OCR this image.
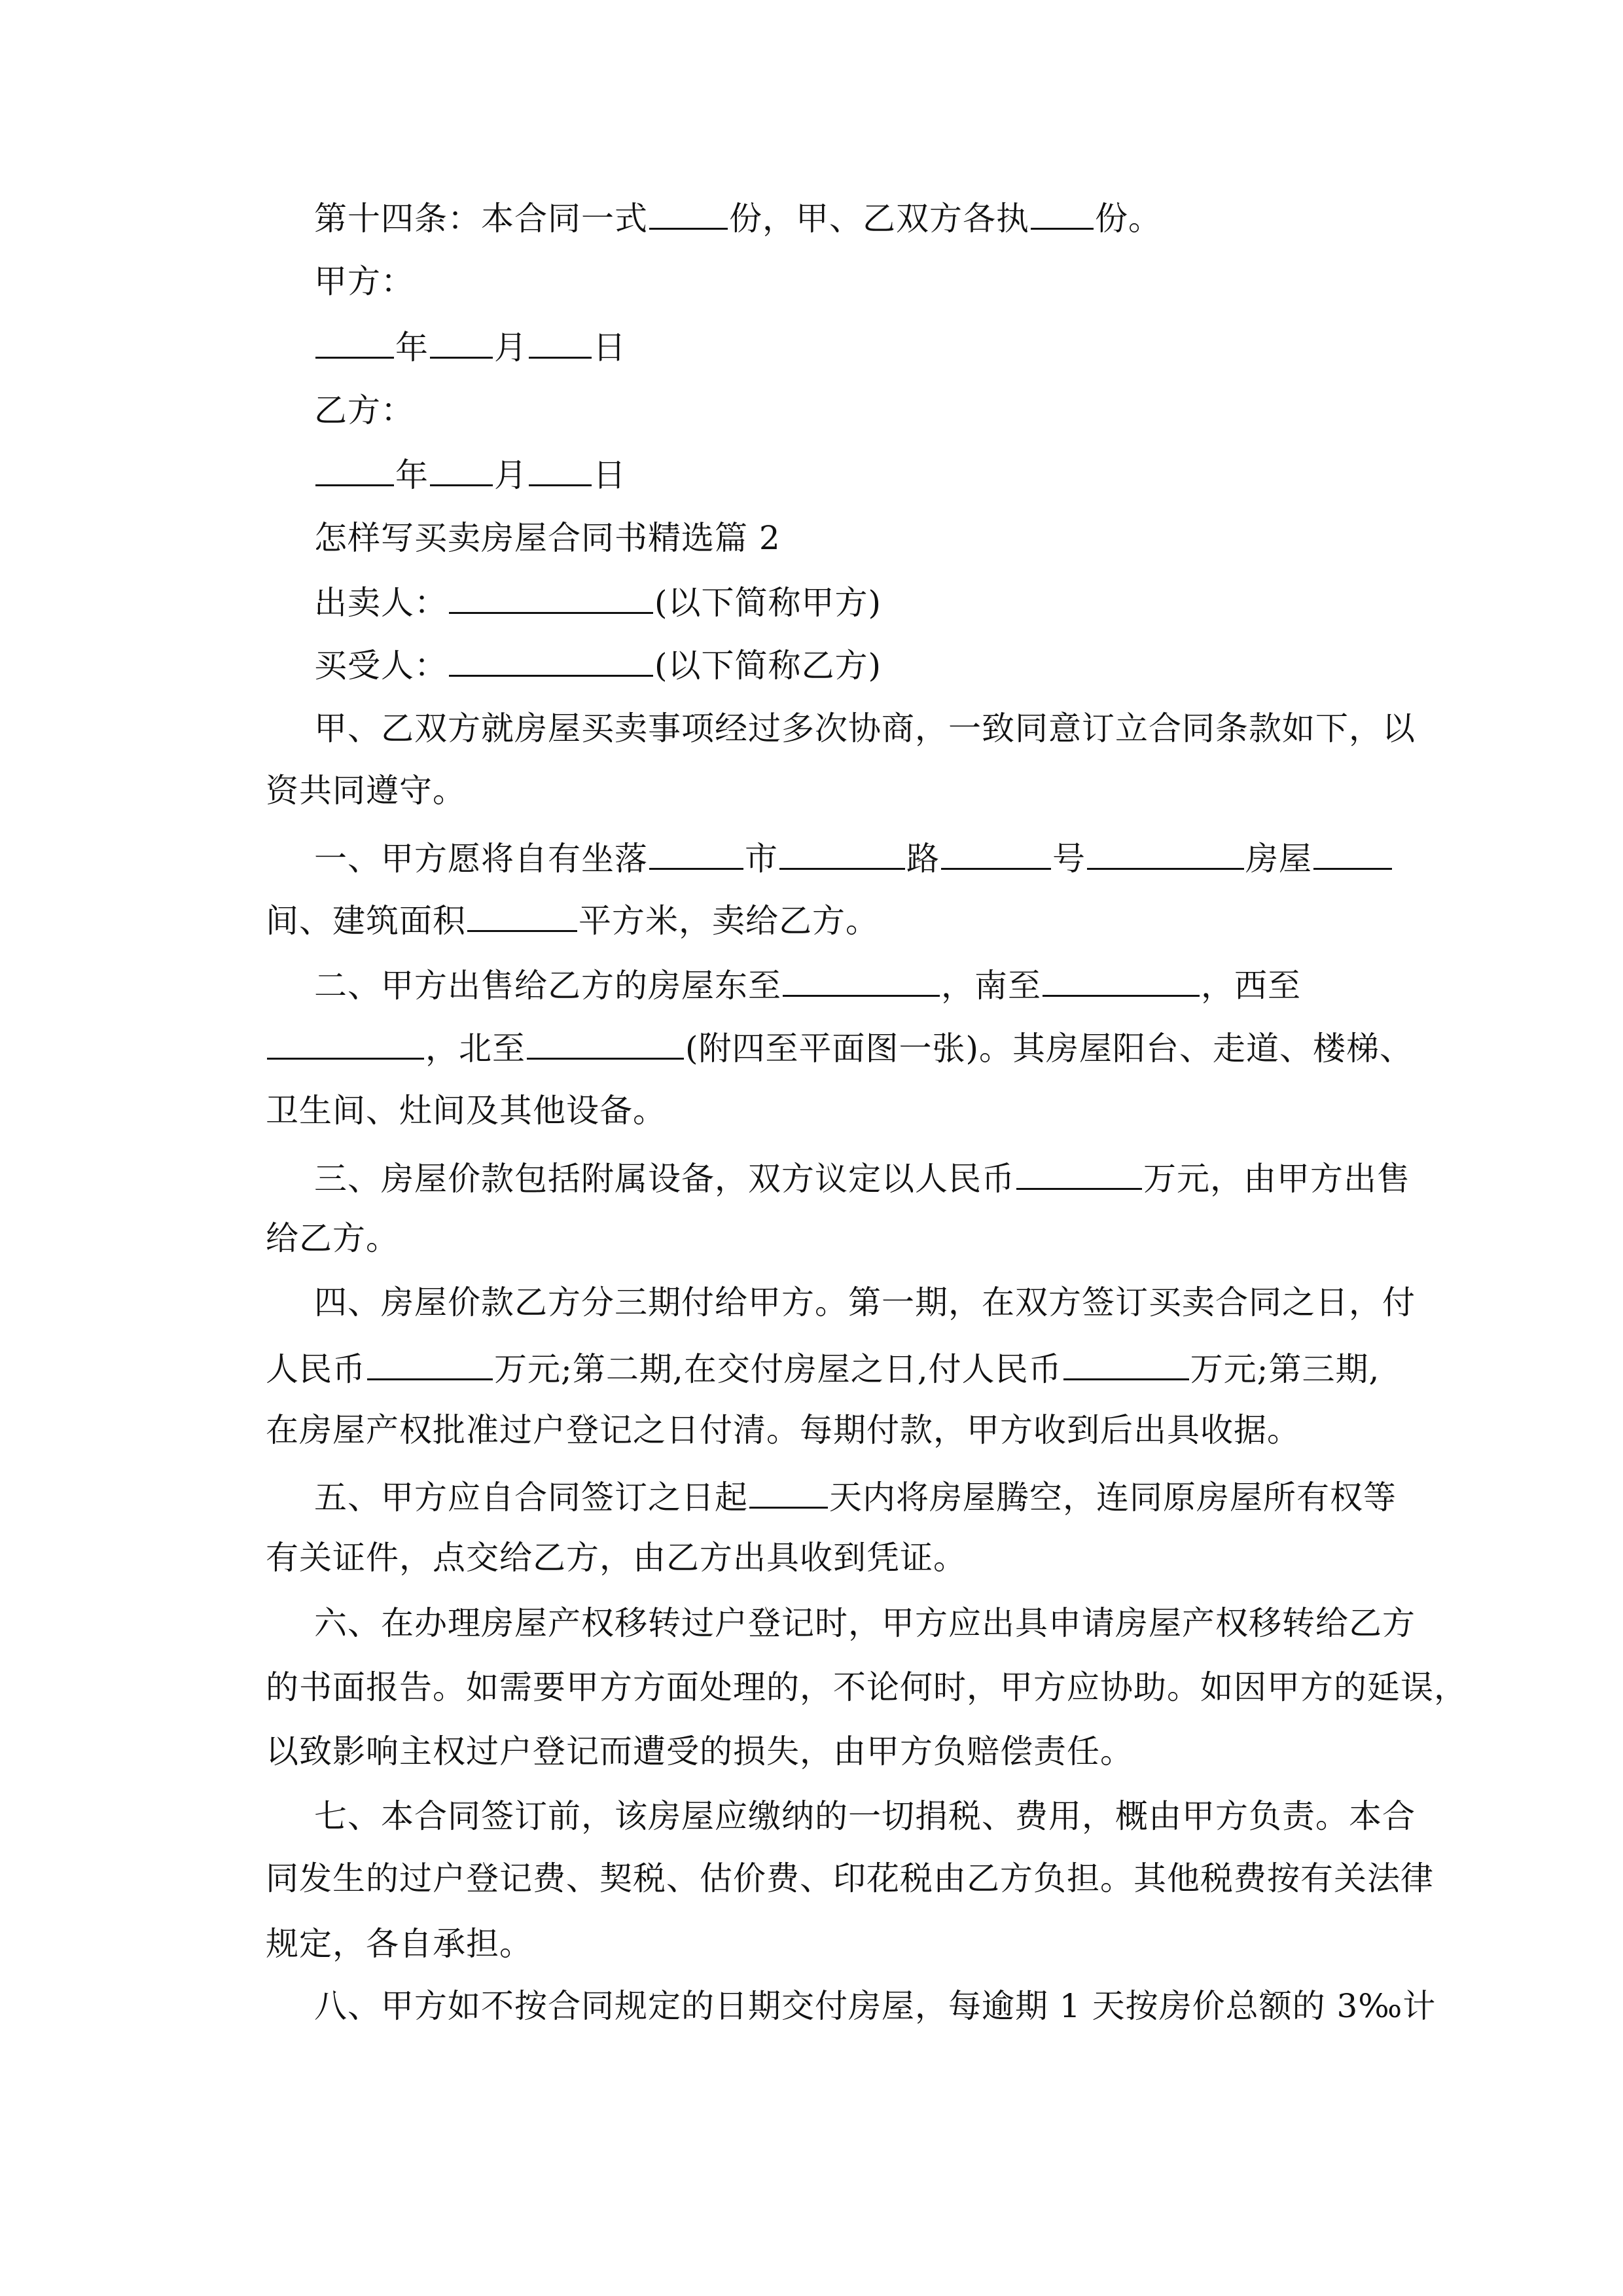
第十四条：本合同一式 份，甲、乙双方各执 份。
甲方：
年 月 日
乙方：
年 月 日
怎样写买卖房屋合同书精选篇 2
出卖人：	(以下简称甲方)
买受人：	(以下简称乙方)
甲、乙双方就房屋买卖事项经过多次协商，一致同意订立合同条款如下，以
资共同遵守。
一、甲方愿将自有坐落	市	路	号	房屋
间、建筑面积	平方米，卖给乙方。
二、甲方出售给乙方的房屋东至	，南至	，西至
，北至	(附四至平面图一张)。其房屋阳台、走道、楼梯、
卫生间、灶间及其他设备。
三、房屋价款包括附属设备，双方议定以人民币	万元，由甲方出售
给乙方。
四、房屋价款乙方分三期付给甲方。第一期，在双方签订买卖合同之日，付
人民币	万元;第二期,在交付房屋之日,付人民币	万元;第三期,
在房屋产权批准过户登记之日付清。每期付款，甲方收到后出具收据。
五、甲方应自合同签订之日起 天内将房屋腾空，连同原房屋所有权等
有关证件，点交给乙方，由乙方出具收到凭证。
六、在办理房屋产权移转过户登记时，甲方应出具申请房屋产权移转给乙方
的书面报告。如需要甲方方面处理的，不论何时，甲方应协助。如因甲方的延误，
以致影响主权过户登记而遭受的损失，由甲方负赔偿责任。
七、本合同签订前，该房屋应缴纳的一切捐税、费用，概由甲方负责。本合
同发生的过户登记费、契税、估价费、印花税由乙方负担。其他税费按有关法律
规定，各自承担。
八、甲方如不按合同规定的日期交付房屋，每逾期 1 天按房价总额的 3‰计
